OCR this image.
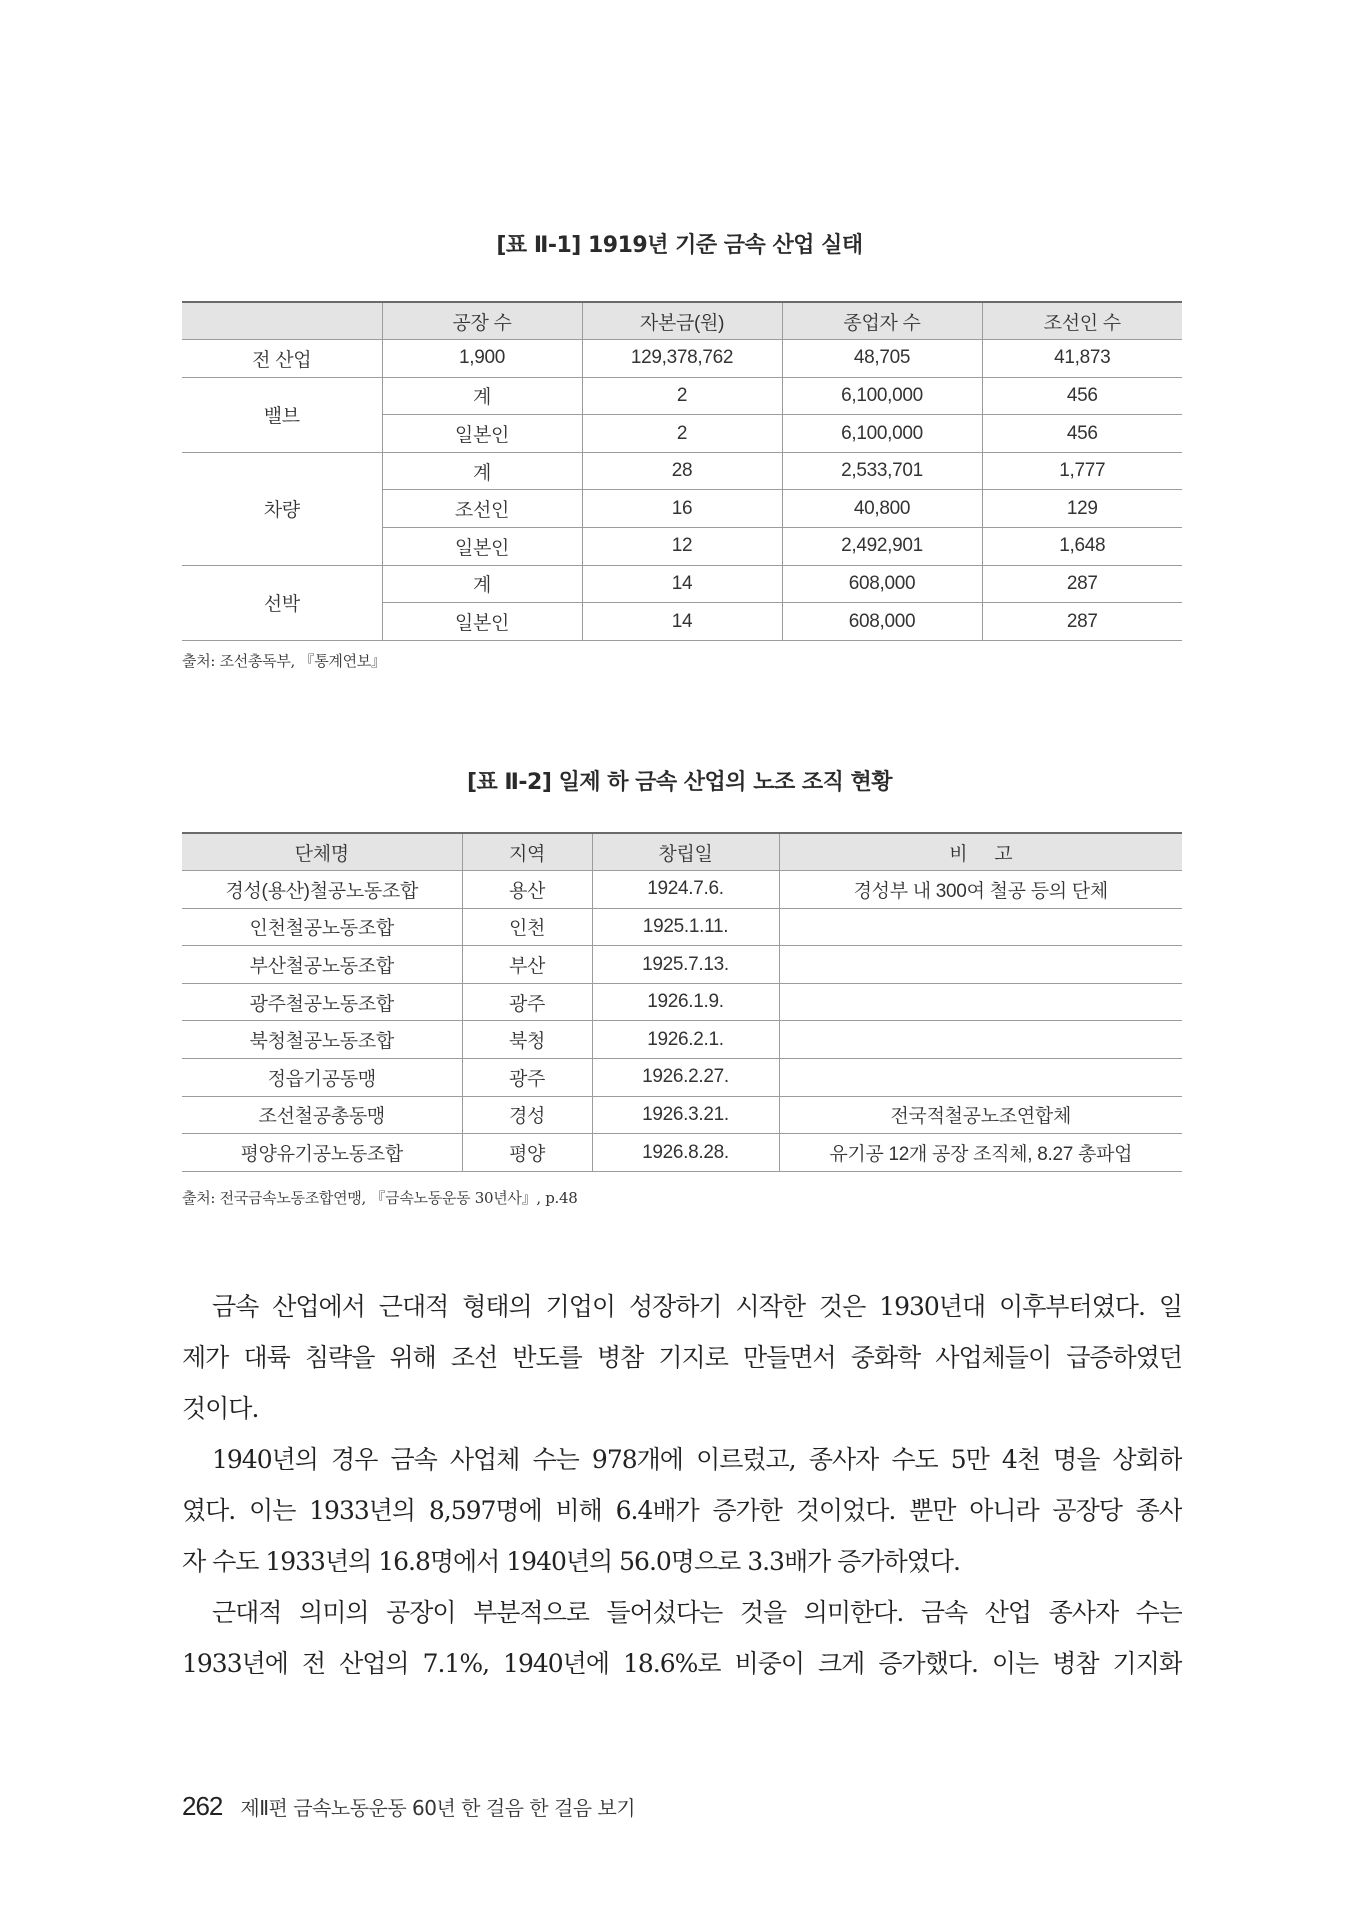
[표 Ⅱ-1] 1919년 기준 금속 산업 실태
	공장 수	자본금(원)	종업자 수	조선인 수
전 산업	1,900	129,378,762	48,705	41,873
밸브	계	2	6,100,000	456
	일본인	2	6,100,000	456
차량	계	28	2,533,701	1,777
	조선인	16	40,800	129
	일본인	12	2,492,901	1,648
선박	계	14	608,000	287
	일본인	14	608,000	287
출처: 조선총독부, 『통계연보』
[표 Ⅱ-2] 일제 하 금속 산업의 노조 조직 현황
단체명	지역	창립일	비 고
경성(용산)철공노동조합	용산	1924.7.6.	경성부 내 300여 철공 등의 단체
인천철공노동조합	인천	1925.1.11.	
부산철공노동조합	부산	1925.7.13.	
광주철공노동조합	광주	1926.1.9.	
북청철공노동조합	북청	1926.2.1.	
정읍기공동맹	광주	1926.2.27.	
조선철공총동맹	경성	1926.3.21.	전국적철공노조연합체
평양유기공노동조합	평양	1926.8.28.	유기공 12개 공장 조직체, 8.27 총파업
출처: 전국금속노동조합연맹, 『금속노동운동 30년사』, p.48
금속 산업에서 근대적 형태의 기업이 성장하기 시작한 것은 1930년대 이후부터였다. 일
제가 대륙 침략을 위해 조선 반도를 병참 기지로 만들면서 중화학 사업체들이 급증하였던
것이다.
1940년의 경우 금속 사업체 수는 978개에 이르렀고, 종사자 수도 5만 4천 명을 상회하
였다. 이는 1933년의 8,597명에 비해 6.4배가 증가한 것이었다. 뿐만 아니라 공장당 종사
자 수도 1933년의 16.8명에서 1940년의 56.0명으로 3.3배가 증가하였다.
근대적 의미의 공장이 부분적으로 들어섰다는 것을 의미한다. 금속 산업 종사자 수는
1933년에 전 산업의 7.1%, 1940년에 18.6%로 비중이 크게 증가했다. 이는 병참 기지화
262 제Ⅱ편 금속노동운동 60년 한 걸음 한 걸음 보기
